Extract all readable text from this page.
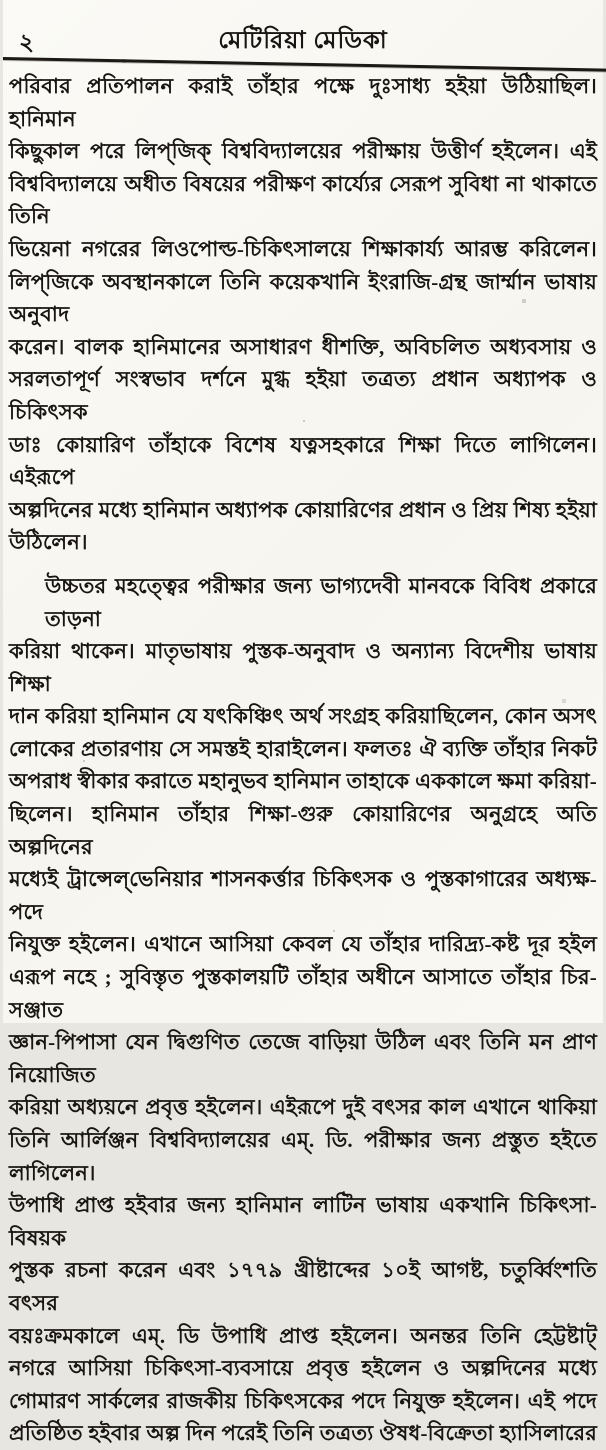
২	মেটিরিয়া মেডিকা
পরিবার প্রতিপালন করাই তাঁহার পক্ষে দুঃসাধ্য হইয়া উঠিয়াছিল। হানিমান
কিছুকাল পরে লিপ্‌জিক্‌ বিশ্ববিদ্যালয়ের পরীক্ষায় উত্তীর্ণ হইলেন। এই
বিশ্ববিদ্যালয়ে অধীত বিষয়ের পরীক্ষণ কার্য্যের সেরূপ সুবিধা না থাকাতে তিনি
ভিয়েনা নগরের লিওপোল্ড-চিকিৎসালয়ে শিক্ষাকার্য্য আরম্ভ করিলেন।
লিপ্‌জিকে অবস্থানকালে তিনি কয়েকখানি ইংরাজি-গ্রন্থ জার্ম্মান ভাষায় অনুবাদ
করেন। বালক হানিমানের অসাধারণ ধীশক্তি, অবিচলিত অধ্যবসায় ও
সরলতাপূর্ণ সংস্বভাব দর্শনে মুগ্ধ হইয়া তত্রত্য প্রধান অধ্যাপক ও চিকিৎসক
ডাঃ কোয়ারিণ তাঁহাকে বিশেষ যত্নসহকারে শিক্ষা দিতে লাগিলেন। এইরূপে
অল্পদিনের মধ্যে হানিমান অধ্যাপক কোয়ারিণের প্রধান ও প্রিয় শিষ্য হইয়া
উঠিলেন।
উচ্চতর মহত্ত্বের পরীক্ষার জন্য ভাগ্যদেবী মানবকে বিবিধ প্রকারে তাড়না
করিয়া থাকেন। মাতৃভাষায় পুস্তক-অনুবাদ ও অন্যান্য বিদেশীয় ভাষায় শিক্ষা
দান করিয়া হানিমান যে যৎকিঞ্চিৎ অর্থ সংগ্রহ করিয়াছিলেন, কোন অসৎ
লোকের প্রতারণায় সে সমস্তই হারাইলেন। ফলতঃ ঐ ব্যক্তি তাঁহার নিকট
অপরাধ স্বীকার করাতে মহানুভব হানিমান তাহাকে এককালে ক্ষমা করিয়া-
ছিলেন। হানিমান তাঁহার শিক্ষা-গুরু কোয়ারিণের অনুগ্রহে অতি অল্পদিনের
মধ্যেই ট্রান্সেল্‌ভেনিয়ার শাসনকর্ত্তার চিকিৎসক ও পুস্তকাগারের অধ্যক্ষ-পদে
নিযুক্ত হইলেন। এখানে আসিয়া কেবল যে তাঁহার দারিদ্র্য-কষ্ট দূর হইল
এরূপ নহে ; সুবিস্তৃত পুস্তকালয়টি তাঁহার অধীনে আসাতে তাঁহার চির-সঞ্জাত
জ্ঞান-পিপাসা যেন দ্বিগুণিত তেজে বাড়িয়া উঠিল এবং তিনি মন প্রাণ নিয়োজিত
করিয়া অধ্যয়নে প্রবৃত্ত হইলেন। এইরূপে দুই বৎসর কাল এখানে থাকিয়া
তিনি আর্লিঞ্জন বিশ্ববিদ্যালয়ের এম্. ডি. পরীক্ষার জন্য প্রস্তুত হইতে লাগিলেন।
উপাধি প্রাপ্ত হইবার জন্য হানিমান লাটিন ভাষায় একখানি চিকিৎসা-বিষয়ক
পুস্তক রচনা করেন এবং ১৭৭৯ খ্রীষ্টাব্দের ১০ই আগষ্ট, চতুর্ব্বিংশতি বৎসর
বয়ঃক্রমকালে এম্. ডি উপাধি প্রাপ্ত হইলেন। অনন্তর তিনি হেট্টষ্টাট্‌
নগরে আসিয়া চিকিৎসা-ব্যবসায়ে প্রবৃত্ত হইলেন ও অল্পদিনের মধ্যে
গোমারণ সার্কলের রাজকীয় চিকিৎসকের পদে নিযুক্ত হইলেন। এই পদে
প্রতিষ্ঠিত হইবার অল্প দিন পরেই তিনি তত্রত্য ঔষধ-বিক্রেতা হ্যাসিলারের
